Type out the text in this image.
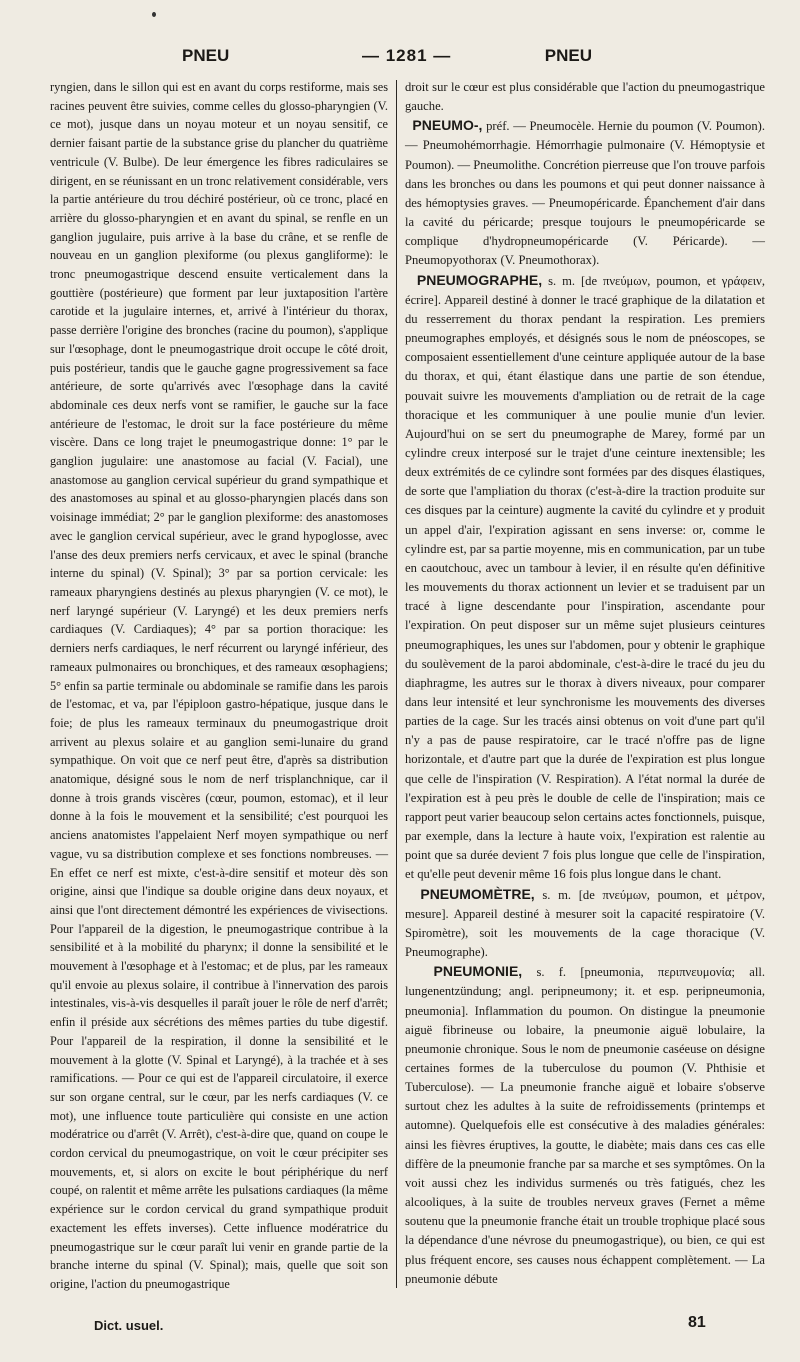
PNEU	— 1281 —	PNEU

ryngien, dans le sillon qui est en avant du corps restiforme, mais ses racines peuvent être suivies, comme celles du glosso-pharyngien (V. ce mot), jusque dans un noyau moteur et un noyau sensitif, ce dernier faisant partie de la substance grise du plancher du quatrième ventricule (V. Bulbe). De leur émergence les fibres radiculaires se dirigent, en se réunissant en un tronc relativement considérable, vers la partie antérieure du trou déchiré postérieur, où ce tronc, placé en arrière du glosso-pharyngien et en avant du spinal, se renfle en un ganglion jugulaire, puis arrive à la base du crâne, et se renfle de nouveau en un ganglion plexiforme (ou plexus gangliforme): le tronc pneumogastrique descend ensuite verticalement dans la gouttière (postérieure) que forment par leur juxtaposition l'artère carotide et la jugulaire internes, et, arrivé à l'intérieur du thorax, passe derrière l'origine des bronches (racine du poumon), s'applique sur l'œsophage, dont le pneumogastrique droit occupe le côté droit, puis postérieur, tandis que le gauche gagne progressivement sa face antérieure, de sorte qu'arrivés avec l'œsophage dans la cavité abdominale ces deux nerfs vont se ramifier, le gauche sur la face antérieure de l'estomac, le droit sur la face postérieure du même viscère. Dans ce long trajet le pneumogastrique donne: 1° par le ganglion jugulaire: une anastomose au facial (V. Facial), une anastomose au ganglion cervical supérieur du grand sympathique et des anastomoses au spinal et au glosso-pharyngien placés dans son voisinage immédiat; 2° par le ganglion plexiforme: des anastomoses avec le ganglion cervical supérieur, avec le grand hypoglosse, avec l'anse des deux premiers nerfs cervicaux, et avec le spinal (branche interne du spinal) (V. Spinal); 3° par sa portion cervicale: les rameaux pharyngiens destinés au plexus pharyngien (V. ce mot), le nerf laryngé supérieur (V. Laryngé) et les deux premiers nerfs cardiaques (V. Cardiaques); 4° par sa portion thoracique: les derniers nerfs cardiaques, le nerf récurrent ou laryngé inférieur, des rameaux pulmonaires ou bronchiques, et des rameaux œsophagiens; 5° enfin sa partie terminale ou abdominale se ramifie dans les parois de l'estomac, et va, par l'épiploon gastro-hépatique, jusque dans le foie; de plus les rameaux terminaux du pneumogastrique droit arrivent au plexus solaire et au ganglion semi-lunaire du grand sympathique. On voit que ce nerf peut être, d'après sa distribution anatomique, désigné sous le nom de nerf trisplanchnique, car il donne à trois grands viscères (cœur, poumon, estomac), et il leur donne à la fois le mouvement et la sensibilité; c'est pourquoi les anciens anatomistes l'appelaient Nerf moyen sympathique ou nerf vague, vu sa distribution complexe et ses fonctions nombreuses. — En effet ce nerf est mixte, c'est-à-dire sensitif et moteur dès son origine, ainsi que l'indique sa double origine dans deux noyaux, et ainsi que l'ont directement démontré les expériences de vivisections. Pour l'appareil de la digestion, le pneumogastrique contribue à la sensibilité et à la mobilité du pharynx; il donne la sensibilité et le mouvement à l'œsophage et à l'estomac; et de plus, par les rameaux qu'il envoie au plexus solaire, il contribue à l'innervation des parois intestinales, vis-à-vis desquelles il paraît jouer le rôle de nerf d'arrêt; enfin il préside aux sécrétions des mêmes parties du tube digestif. Pour l'appareil de la respiration, il donne la sensibilité et le mouvement à la glotte (V. Spinal et Laryngé), à la trachée et à ses ramifications. — Pour ce qui est de l'appareil circulatoire, il exerce sur son organe central, sur le cœur, par les nerfs cardiaques (V. ce mot), une influence toute particulière qui consiste en une action modératrice ou d'arrêt (V. Arrêt), c'est-à-dire que, quand on coupe le cordon cervical du pneumogastrique, on voit le cœur précipiter ses mouvements, et, si alors on excite le bout périphérique du nerf coupé, on ralentit et même arrête les pulsations cardiaques (la même expérience sur le cordon cervical du grand sympathique produit exactement les effets inverses). Cette influence modératrice du pneumogastrique sur le cœur paraît lui venir en grande partie de la branche interne du spinal (V. Spinal); mais, quelle que soit son origine, l'action du pneumogastrique

droit sur le cœur est plus considérable que l'action du pneumogastrique gauche.

PNEUMO-, préf. — Pneumocèle. Hernie du poumon (V. Poumon). — Pneumohémorrhagie. Hémorrhagie pulmonaire (V. Hémoptysie et Poumon). — Pneumolithe. Concrétion pierreuse que l'on trouve parfois dans les bronches ou dans les poumons et qui peut donner naissance à des hémoptysies graves. — Pneumopéricarde. Épanchement d'air dans la cavité du péricarde; presque toujours le pneumopéricarde se complique d'hydropneumopéricarde (V. Péricarde). — Pneumopyothorax (V. Pneumothorax).

PNEUMOGRAPHE, s. m. [de πνεύμων, poumon, et γράφειν, écrire]. Appareil destiné à donner le tracé graphique de la dilatation et du resserrement du thorax pendant la respiration. Les premiers pneumographes employés, et désignés sous le nom de pnéoscopes, se composaient essentiellement d'une ceinture appliquée autour de la base du thorax, et qui, étant élastique dans une partie de son étendue, pouvait suivre les mouvements d'ampliation ou de retrait de la cage thoracique et les communiquer à une poulie munie d'un levier. Aujourd'hui on se sert du pneumographe de Marey, formé par un cylindre creux interposé sur le trajet d'une ceinture inextensible; les deux extrémités de ce cylindre sont formées par des disques élastiques, de sorte que l'ampliation du thorax (c'est-à-dire la traction produite sur ces disques par la ceinture) augmente la cavité du cylindre et y produit un appel d'air, l'expiration agissant en sens inverse: or, comme le cylindre est, par sa partie moyenne, mis en communication, par un tube en caoutchouc, avec un tambour à levier, il en résulte qu'en définitive les mouvements du thorax actionnent un levier et se traduisent par un tracé à ligne descendante pour l'inspiration, ascendante pour l'expiration. On peut disposer sur un même sujet plusieurs ceintures pneumographiques, les unes sur l'abdomen, pour y obtenir le graphique du soulèvement de la paroi abdominale, c'est-à-dire le tracé du jeu du diaphragme, les autres sur le thorax à divers niveaux, pour comparer dans leur intensité et leur synchronisme les mouvements des diverses parties de la cage. Sur les tracés ainsi obtenus on voit d'une part qu'il n'y a pas de pause respiratoire, car le tracé n'offre pas de ligne horizontale, et d'autre part que la durée de l'expiration est plus longue que celle de l'inspiration (V. Respiration). A l'état normal la durée de l'expiration est à peu près le double de celle de l'inspiration; mais ce rapport peut varier beaucoup selon certains actes fonctionnels, puisque, par exemple, dans la lecture à haute voix, l'expiration est ralentie au point que sa durée devient 7 fois plus longue que celle de l'inspiration, et qu'elle peut devenir même 16 fois plus longue dans le chant.

PNEUMOMÈTRE, s. m. [de πνεύμων, poumon, et μέτρον, mesure]. Appareil destiné à mesurer soit la capacité respiratoire (V. Spiromètre), soit les mouvements de la cage thoracique (V. Pneumographe).

PNEUMONIE, s. f. [pneumonia, περιπνευμονία; all. lungenentzündung; angl. peripneumony; it. et esp. peripneumonia, pneumonia]. Inflammation du poumon. On distingue la pneumonie aiguë fibrineuse ou lobaire, la pneumonie aiguë lobulaire, la pneumonie chronique. Sous le nom de pneumonie caséeuse on désigne certaines formes de la tuberculose du poumon (V. Phthisie et Tuberculose). — La pneumonie franche aiguë et lobaire s'observe surtout chez les adultes à la suite de refroidissements (printemps et automne). Quelquefois elle est consécutive à des maladies générales: ainsi les fièvres éruptives, la goutte, le diabète; mais dans ces cas elle diffère de la pneumonie franche par sa marche et ses symptômes. On la voit aussi chez les individus surmenés ou très fatigués, chez les alcooliques, à la suite de troubles nerveux graves (Fernet a même soutenu que la pneumonie franche était un trouble trophique placé sous la dépendance d'une névrose du pneumogastrique), ou bien, ce qui est plus fréquent encore, ses causes nous échappent complètement. — La pneumonie débute

Dict. usuel.	81
